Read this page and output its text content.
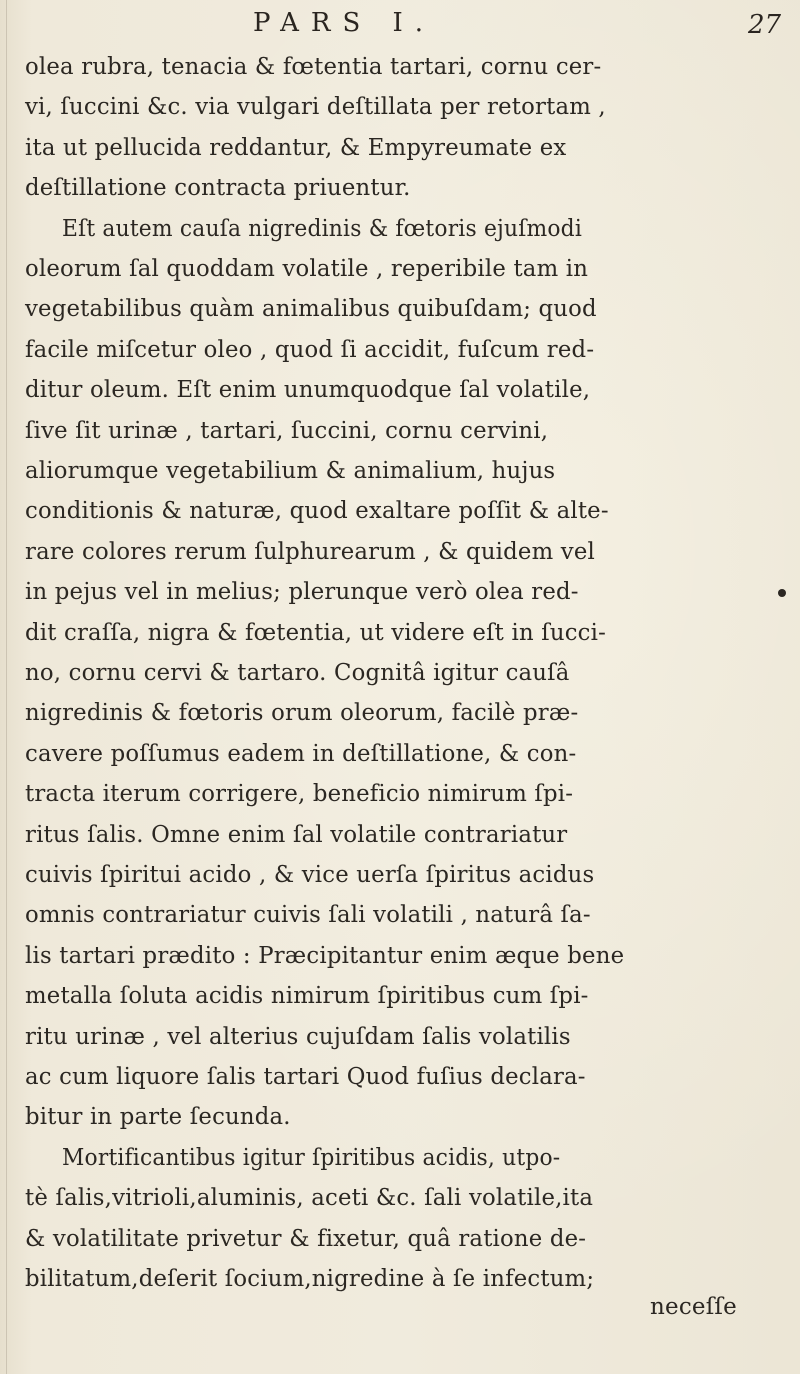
PARS I.	27
olea rubra, tenacia & fœtentia tartari, cornu cer-
vi, ſuccini &c. via vulgari deſtillata per retortam ,
ita ut pellucida reddantur, & Empyreumate ex
deſtillatione contracta priuentur.
Eſt autem cauſa nigredinis & fœtoris ejuſmodi
oleorum ſal quoddam volatile , reperibile tam in
vegetabilibus quàm animalibus quibuſdam; quod
facile miſcetur oleo , quod ſi accidit, fuſcum red-
ditur oleum. Eſt enim unumquodque ſal volatile,
ſive ſit urinæ , tartari, ſuccini, cornu cervini,
aliorumque vegetabilium & animalium, hujus
conditionis & naturæ, quod exaltare poſſit & alte-
rare colores rerum ſulphurearum , & quidem vel
in pejus vel in melius; plerunque verò olea red-
dit craſſa, nigra & fœtentia, ut videre eſt in ſucci-
no, cornu cervi & tartaro. Cognitâ igitur cauſâ
nigredinis & fœtoris orum oleorum, facilè præ-
cavere poſſumus eadem in deſtillatione, & con-
tracta iterum corrigere, beneficio nimirum ſpi-
ritus ſalis. Omne enim ſal volatile contrariatur
cuivis ſpiritui acido , & vice uerſa ſpiritus acidus
omnis contrariatur cuivis ſali volatili , naturâ ſa-
lis tartari prædito : Præcipitantur enim æque bene
metalla ſoluta acidis nimirum ſpiritibus cum ſpi-
ritu urinæ , vel alterius cujuſdam ſalis volatilis
ac cum liquore ſalis tartari Quod fuſius declara-
bitur in parte ſecunda.
Mortificantibus igitur ſpiritibus acidis, utpo-
tè ſalis,vitrioli,aluminis, aceti &c. ſali volatile,ita
& volatilitate privetur & fixetur, quâ ratione de-
bilitatum,deſerit ſocium,nigredine à ſe infectum;
neceſſe
